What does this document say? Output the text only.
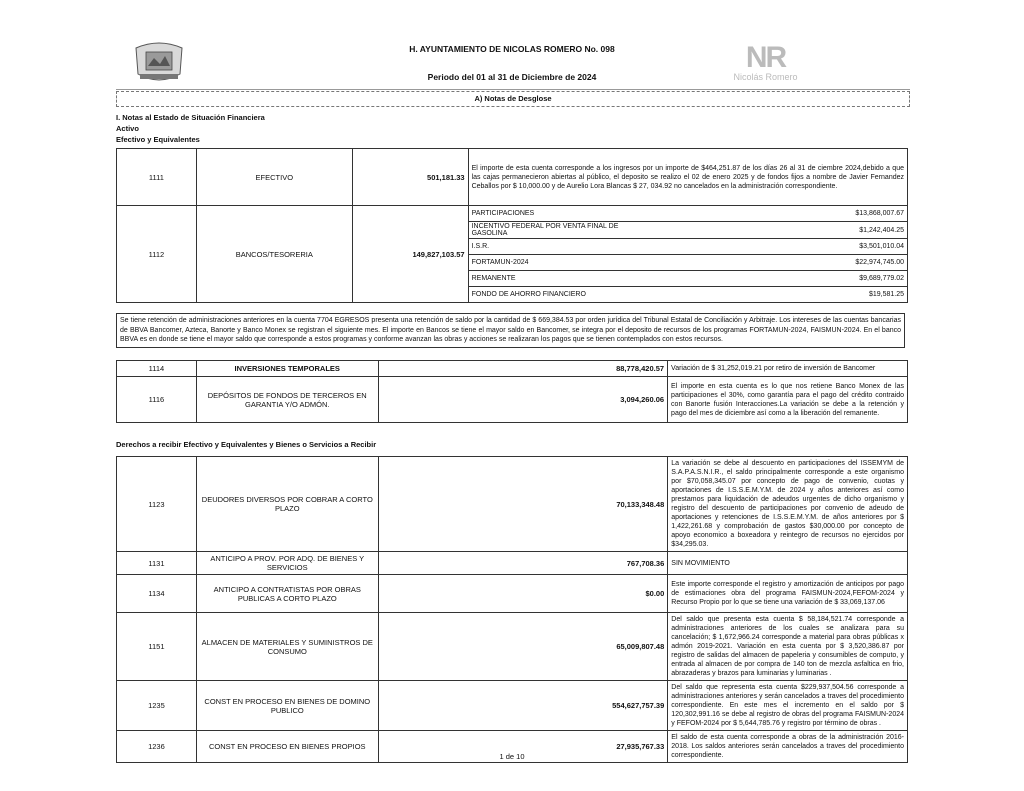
H. AYUNTAMIENTO DE NICOLAS ROMERO No. 098
Periodo del 01 al 31 de Diciembre de 2024
NR
Nicolás Romero
A) Notas de Desglose
I. Notas al Estado de Situación Financiera
Activo
Efectivo y Equivalentes
1111	EFECTIVO	501,181.33	El importe de esta cuenta corresponde a los ingresos por un importe de $464,251.87 de los días 26 al 31 de ciembre 2024,debido a que las cajas permanecieron abiertas al público, el deposito se realizo el 02 de enero 2025 y de fondos fijos a nombre de Javier Fernandez Ceballos por $ 10,000.00 y de Aurelio Lora Blancas $ 27, 034.92 no cancelados en la administración correspondiente.
1112	BANCOS/TESORERIA	149,827,103.57	
PARTICIPACIONES	$13,868,007.67
INCENTIVO FEDERAL POR VENTA FINAL DE GASOLINA	$1,242,404.25
I.S.R.	$3,501,010.04
FORTAMUN-2024	$22,974,745.00
REMANENTE	$9,689,779.02
FONDO DE AHORRO FINANCIERO	$19,581.25
Se tiene retención de administraciones anteriores en la cuenta 7704 EGRESOS presenta una retención de saldo por la cantidad de $ 669,384.53 por orden jurídica del Tribunal Estatal de Conciliación y Arbitraje. Los intereses de las cuentas bancarias de BBVA Bancomer, Azteca, Banorte y Banco Monex se registran el siguiente mes. El importe en Bancos se tiene el mayor saldo en Bancomer, se integra por el deposito de recursos de los programas FORTAMUN-2024, FAISMUN-2024. En el banco BBVA es en donde se tiene el mayor saldo que corresponde a estos programas y conforme avanzan las obras y acciones se realizaran los pagos que se tienen contemplados con estos recursos.
1114	INVERSIONES TEMPORALES	88,778,420.57	Variación de $ 31,252,019.21 por retiro de inversión de Bancomer
1116	DEPÓSITOS DE FONDOS DE TERCEROS EN GARANTIA Y/O ADMÓN.	3,094,260.06	El importe en esta cuenta es lo que nos retiene Banco Monex de las participaciones el 30%, como garantía para el pago del crédito contraido con Banorte fusión Interacciones.La variación se debe a la retención y pago del mes de diciembre así como a la liberación del remanente.
Derechos a recibir Efectivo y Equivalentes y Bienes o Servicios a Recibir
1123	DEUDORES DIVERSOS POR COBRAR A CORTO PLAZO	70,133,348.48	La variación se debe al descuento en participaciones del ISSEMYM de S.A.P.A.S.N.I.R., el saldo principalmente corresponde a este organismo por $70,058,345.07 por concepto de pago de convenio, cuotas y aportaciones de I.S.S.E.M.Y.M. de 2024 y años anteriores así como prestamos para liquidación de adeudos urgentes de dicho organismo y registro del descuento de participaciones por convenio de adeudo de aportaciones y retenciones de I.S.S.E.M.Y.M. de años anteriores por $ 1,422,261.68 y comprobación de gastos $30,000.00 por concepto de apoyo economico a boxeadora y reintegro de recursos no ejercidos por $34,295.03.
1131	ANTICIPO A PROV. POR ADQ. DE BIENES Y SERVICIOS	767,708.36	SIN MOVIMIENTO
1134	ANTICIPO A CONTRATISTAS POR OBRAS PUBLICAS A CORTO PLAZO	$0.00	Este importe corresponde el registro y amortización de anticipos por pago de estimaciones obra del programa FAISMUN-2024,FEFOM-2024 y Recurso Propio por lo que se tiene una variación de $ 33,069,137.06
1151	ALMACEN DE MATERIALES Y SUMINISTROS DE CONSUMO	65,009,807.48	Del saldo que presenta esta cuenta $ 58,184,521.74 corresponde a administraciones anteriores de los cuales se analizara para su cancelación; $ 1,672,966.24 corresponde a material para obras públicas x admón 2019-2021. Variación en esta cuenta por $ 3,520,386.87 por registro de salidas del almacen de papeleria y consumibles de computo, y entrada al almacen de por compra de 140 ton de mezcla asfaltica en frio, abrazaderas y brazos para luminarias y luminarias .
1235	CONST EN PROCESO EN BIENES DE DOMINO PUBLICO	554,627,757.39	Del saldo que representa esta cuenta $229,937,504.56 corresponde a administraciones anteriores y serán cancelados a traves del procedimiento correspondiente. En este mes el incremento en el saldo por $ 120,302,991.16 se debe al registro de obras del programa FAISMUN-2024 y FEFOM-2024 por $ 5,644,785.76 y registro por término de obras .
1236	CONST EN PROCESO EN BIENES PROPIOS	27,935,767.33	El saldo de esta cuenta corresponde a obras de la administración 2016-2018. Los saldos anteriores serán cancelados a traves del procedimiento correspondiente.
1 de 10
